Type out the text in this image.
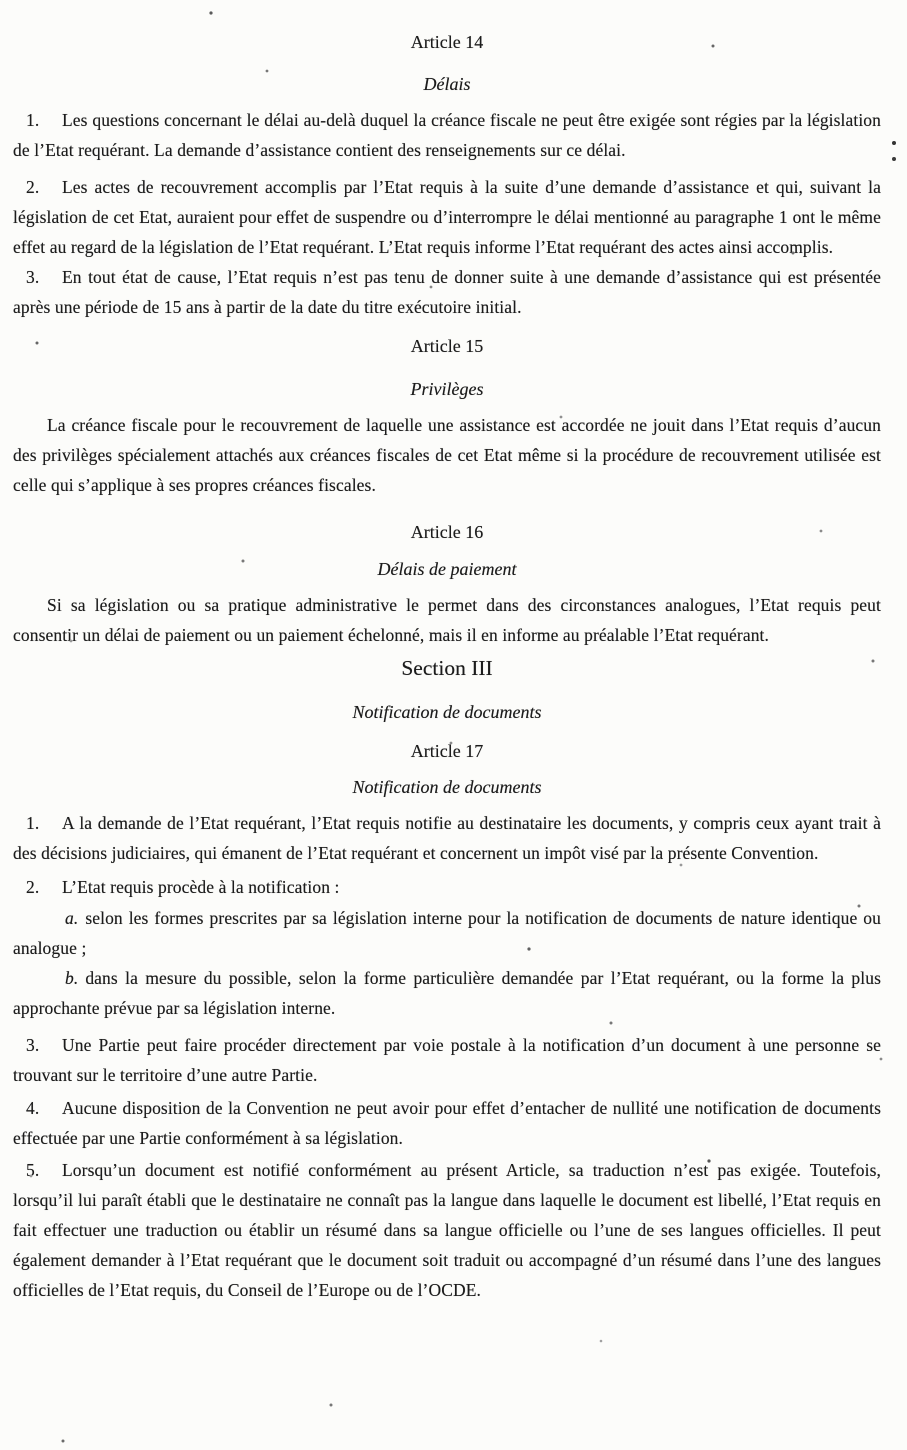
Article 14
Délais

1. Les questions concernant le délai au-delà duquel la créance fiscale ne peut être exigée sont régies par la législation de l’Etat requérant. La demande d’assistance contient des renseignements sur ce délai.

2. Les actes de recouvrement accomplis par l’Etat requis à la suite d’une demande d’assistance et qui, suivant la législation de cet Etat, auraient pour effet de suspendre ou d’interrompre le délai mentionné au paragraphe 1 ont le même effet au regard de la législation de l’Etat requérant. L’Etat requis informe l’Etat requérant des actes ainsi accomplis.

3. En tout état de cause, l’Etat requis n’est pas tenu de donner suite à une demande d’assistance qui est présentée après une période de 15 ans à partir de la date du titre exécutoire initial.

Article 15
Privilèges

La créance fiscale pour le recouvrement de laquelle une assistance est accordée ne jouit dans l’Etat requis d’aucun des privilèges spécialement attachés aux créances fiscales de cet Etat même si la procédure de recouvrement utilisée est celle qui s’applique à ses propres créances fiscales.

Article 16
Délais de paiement

Si sa législation ou sa pratique administrative le permet dans des circonstances analogues, l’Etat requis peut consentir un délai de paiement ou un paiement échelonné, mais il en informe au préalable l’Etat requérant.

Section III
Notification de documents
Article 17
Notification de documents

1. A la demande de l’Etat requérant, l’Etat requis notifie au destinataire les documents, y compris ceux ayant trait à des décisions judiciaires, qui émanent de l’Etat requérant et concernent un impôt visé par la présente Convention.

2. L’Etat requis procède à la notification :

a. selon les formes prescrites par sa législation interne pour la notification de documents de nature identique ou analogue ;

b. dans la mesure du possible, selon la forme particulière demandée par l’Etat requérant, ou la forme la plus approchante prévue par sa législation interne.

3. Une Partie peut faire procéder directement par voie postale à la notification d’un document à une personne se trouvant sur le territoire d’une autre Partie.

4. Aucune disposition de la Convention ne peut avoir pour effet d’entacher de nullité une notification de documents effectuée par une Partie conformément à sa législation.

5. Lorsqu’un document est notifié conformément au présent Article, sa traduction n’est pas exigée. Toutefois, lorsqu’il lui paraît établi que le destinataire ne connaît pas la langue dans laquelle le document est libellé, l’Etat requis en fait effectuer une traduction ou établir un résumé dans sa langue officielle ou l’une de ses langues officielles. Il peut également demander à l’Etat requérant que le document soit traduit ou accompagné d’un résumé dans l’une des langues officielles de l’Etat requis, du Conseil de l’Europe ou de l’OCDE.
